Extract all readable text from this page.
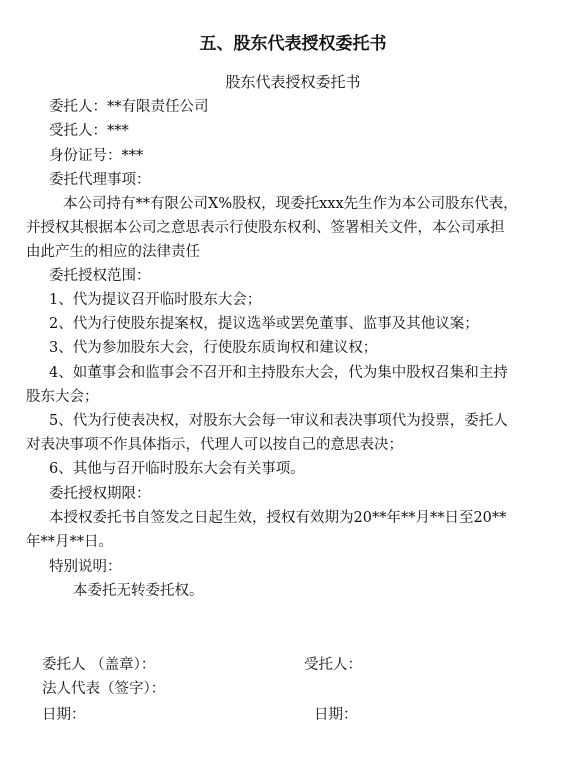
五、股东代表授权委托书
股东代表授权委托书
委托人：**有限责任公司
受托人：***
身份证号：***
委托代理事项：
本公司持有**有限公司X%股权，现委托xxx先生作为本公司股东代表，
并授权其根据本公司之意思表示行使股东权利、签署相关文件，本公司承担
由此产生的相应的法律责任
委托授权范围：
1、代为提议召开临时股东大会；
2、代为行使股东提案权，提议选举或罢免董事、监事及其他议案；
3、代为参加股东大会，行使股东质询权和建议权；
4、如董事会和监事会不召开和主持股东大会，代为集中股权召集和主持
股东大会；
5、代为行使表决权，对股东大会每一审议和表决事项代为投票，委托人
对表决事项不作具体指示，代理人可以按自己的意思表决；
6、其他与召开临时股东大会有关事项。
委托授权期限：
本授权委托书自签发之日起生效，授权有效期为20**年**月**日至20**
年**月**日。
特别说明：
本委托无转委托权。
委托人 （盖章）：	受托人：
法人代表（签字）：
日期：	日期：
